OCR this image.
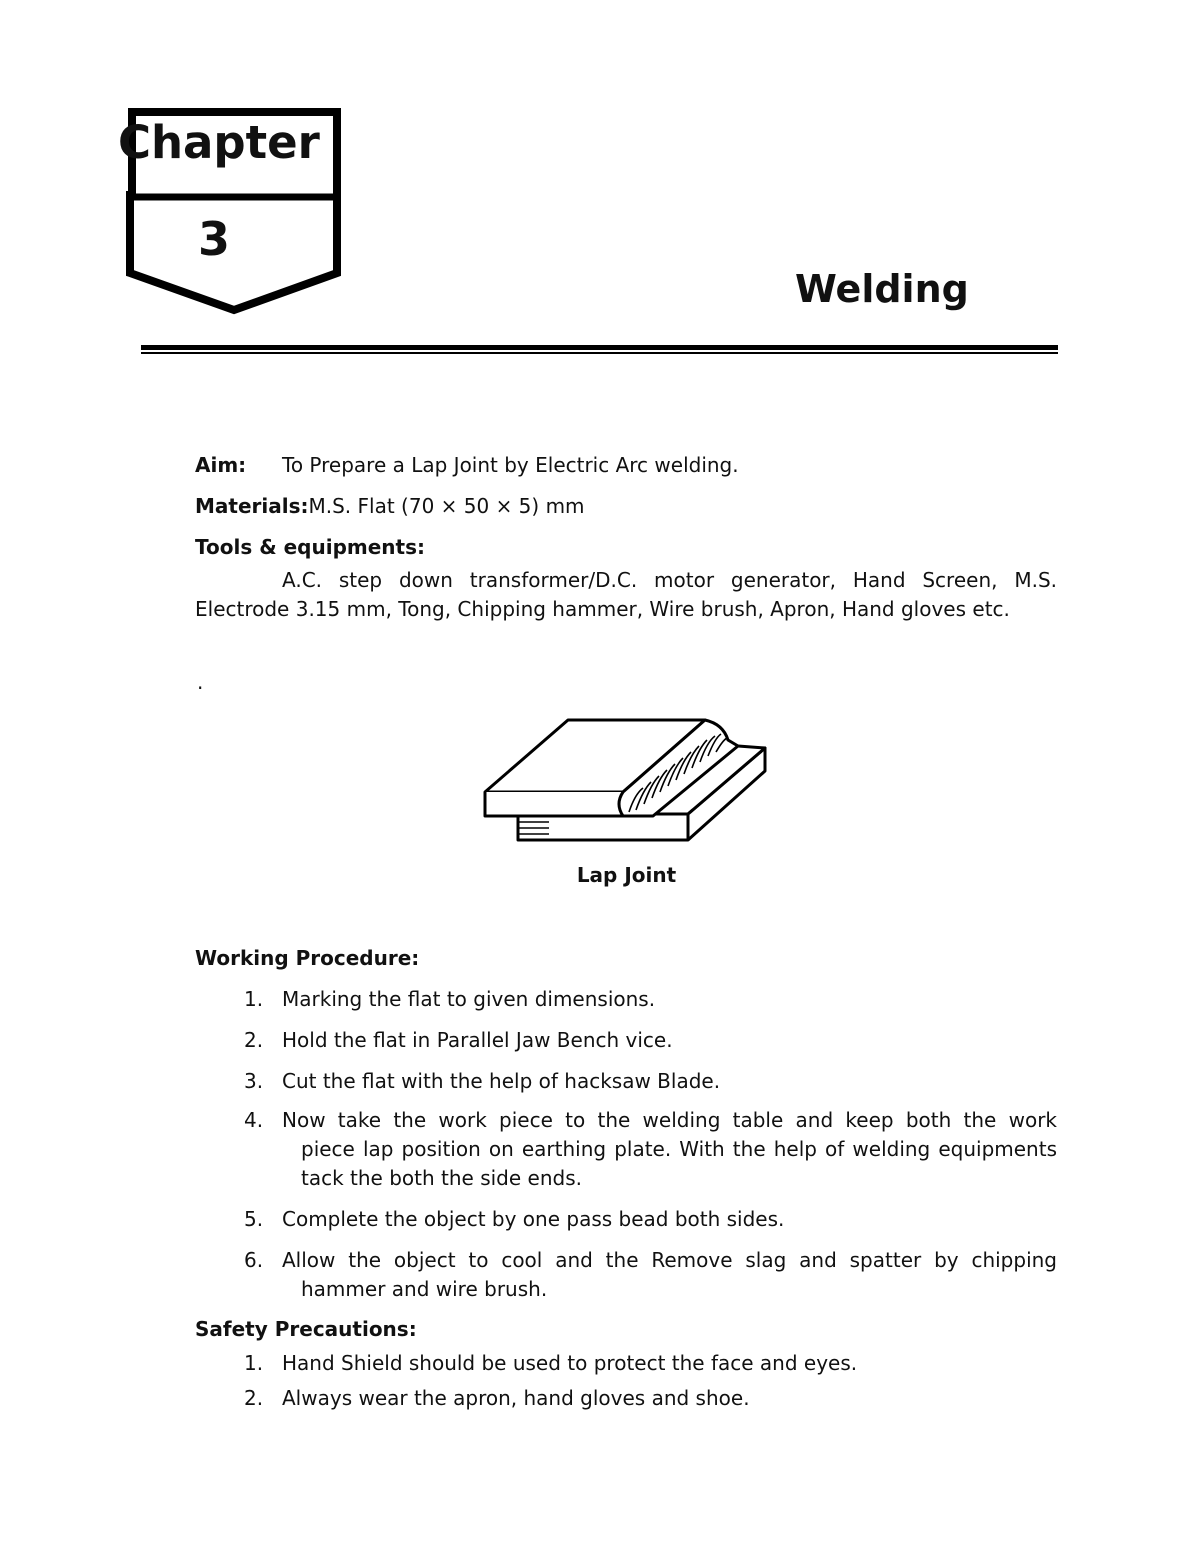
Chapter
3
Welding
Aim: To Prepare a Lap Joint by Electric Arc welding.
Materials:M.S. Flat (70 × 50 × 5) mm
Tools & equipments:
A.C. step down transformer/D.C. motor generator, Hand Screen, M.S. Electrode 3.15 mm, Tong, Chipping hammer, Wire brush, Apron, Hand gloves etc.
.
Lap Joint
Working Procedure:
1. Marking the flat to given dimensions.
2. Hold the flat in Parallel Jaw Bench vice.
3. Cut the flat with the help of hacksaw Blade.
4. Now take the work piece to the welding table and keep both the work
piece lap position on earthing plate. With the help of welding equipments tack the both the side ends.
5. Complete the object by one pass bead both sides.
6. Allow the object to cool and the Remove slag and spatter by chipping
hammer and wire brush.
Safety Precautions:
1. Hand Shield should be used to protect the face and eyes.
2. Always wear the apron, hand gloves and shoe.
